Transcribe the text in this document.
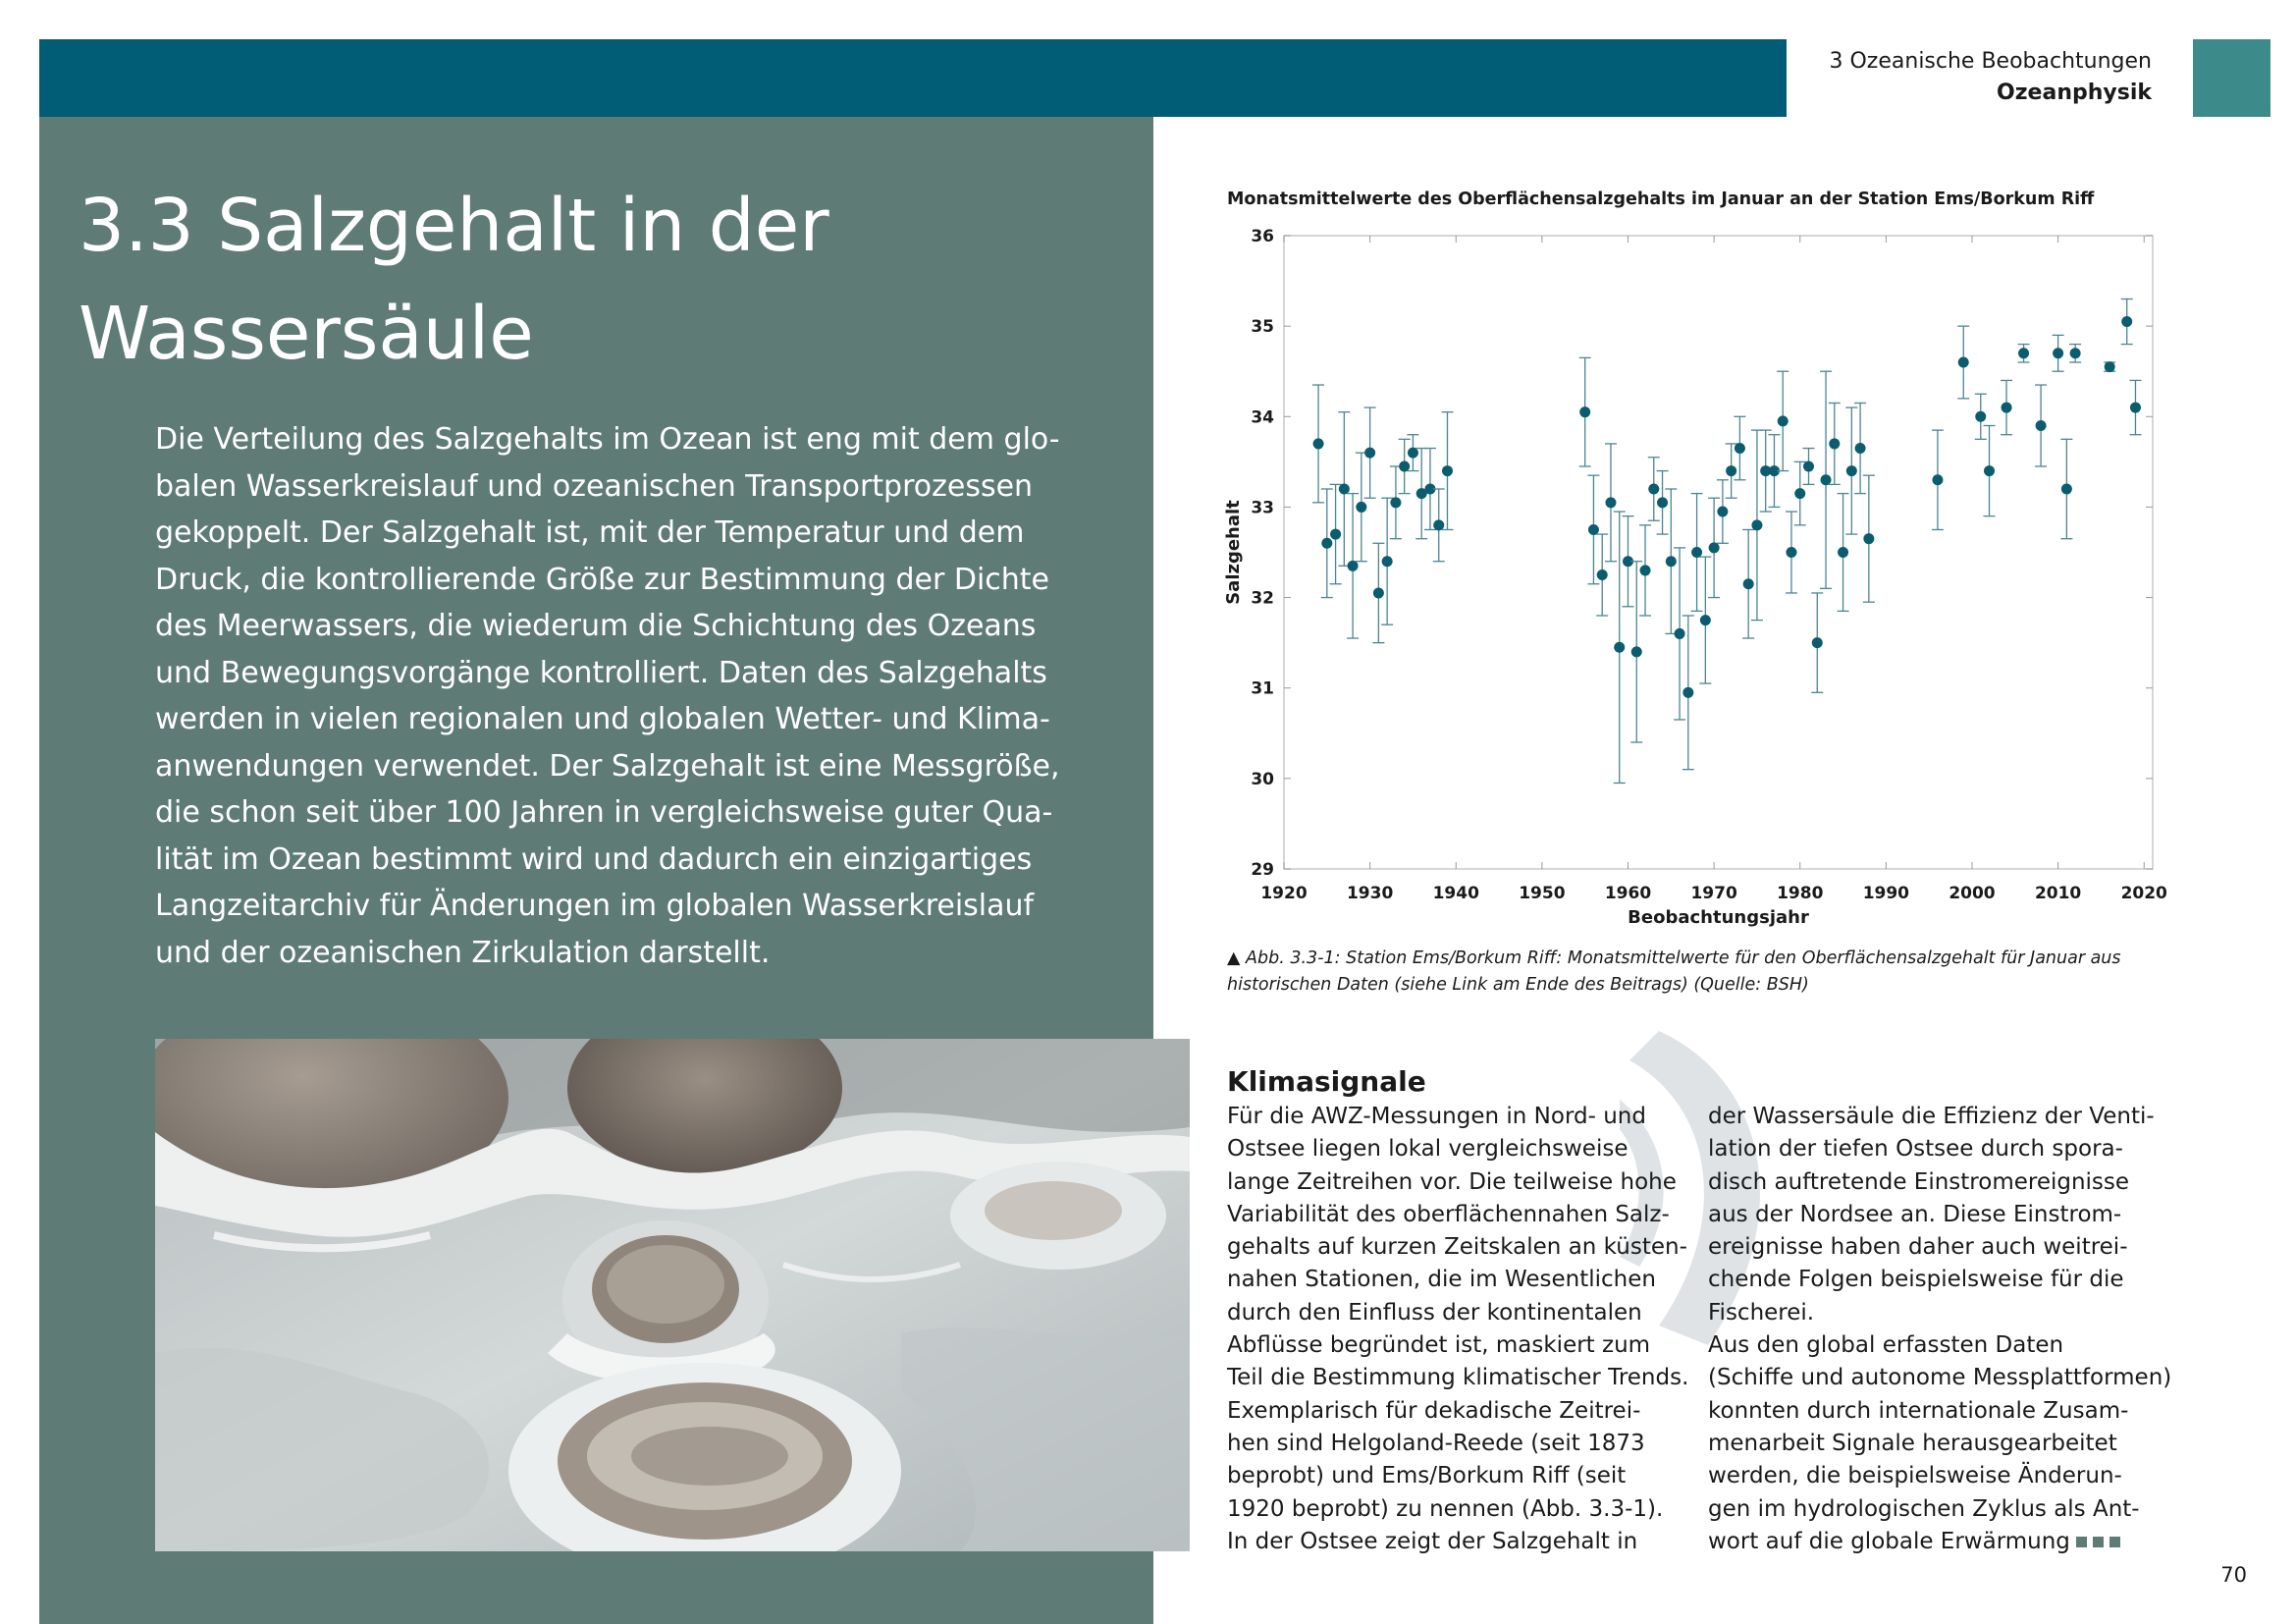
3 Ozeanische Beobachtungen
Ozeanphysik
3.3 Salzgehalt in der
Wassersäule
Die Verteilung des Salzgehalts im Ozean ist eng mit dem glo-
balen Wasserkreislauf und ozeanischen Transportprozessen
gekoppelt. Der Salzgehalt ist, mit der Temperatur und dem
Druck, die kontrollierende Größe zur Bestimmung der Dichte
des Meerwassers, die wiederum die Schichtung des Ozeans
und Bewegungsvorgänge kontrolliert. Daten des Salzgehalts
werden in vielen regionalen und globalen Wetter- und Klima-
anwendungen verwendet. Der Salzgehalt ist eine Messgröße,
die schon seit über 100 Jahren in vergleichsweise guter Qua-
lität im Ozean bestimmt wird und dadurch ein einzigartiges
Langzeitarchiv für Änderungen im globalen Wasserkreislauf
und der ozeanischen Zirkulation darstellt.
Monatsmittelwerte des Oberflächensalzgehalts im Januar an der Station Ems/Borkum Riff
29
30
31
32
33
34
35
36
1920 1930 1940 1950 1960 1970 1980 1990 2000 2010 2020
Beobachtungsjahr
Salzgehalt
▲ Abb. 3.3-1: Station Ems/Borkum Riff: Monatsmittelwerte für den Oberflächensalzgehalt für Januar aus
historischen Daten (siehe Link am Ende des Beitrags) (Quelle: BSH)
Klimasignale
Für die AWZ-Messungen in Nord- und
Ostsee liegen lokal vergleichsweise
lange Zeitreihen vor. Die teilweise hohe
Variabilität des oberflächennahen Salz-
gehalts auf kurzen Zeitskalen an küsten-
nahen Stationen, die im Wesentlichen
durch den Einfluss der kontinentalen
Abflüsse begründet ist, maskiert zum
Teil die Bestimmung klimatischer Trends.
Exemplarisch für dekadische Zeitrei-
hen sind Helgoland-Reede (seit 1873
beprobt) und Ems/Borkum Riff (seit
1920 beprobt) zu nennen (Abb. 3.3-1).
In der Ostsee zeigt der Salzgehalt in
der Wassersäule die Effizienz der Venti-
lation der tiefen Ostsee durch spora-
disch auftretende Einstromereignisse
aus der Nordsee an. Diese Einstrom-
ereignisse haben daher auch weitrei-
chende Folgen beispielsweise für die
Fischerei.
Aus den global erfassten Daten
(Schiffe und autonome Messplattformen)
konnten durch internationale Zusam-
menarbeit Signale herausgearbeitet
werden, die beispielsweise Änderun-
gen im hydrologischen Zyklus als Ant-
wort auf die globale Erwärmung
70
